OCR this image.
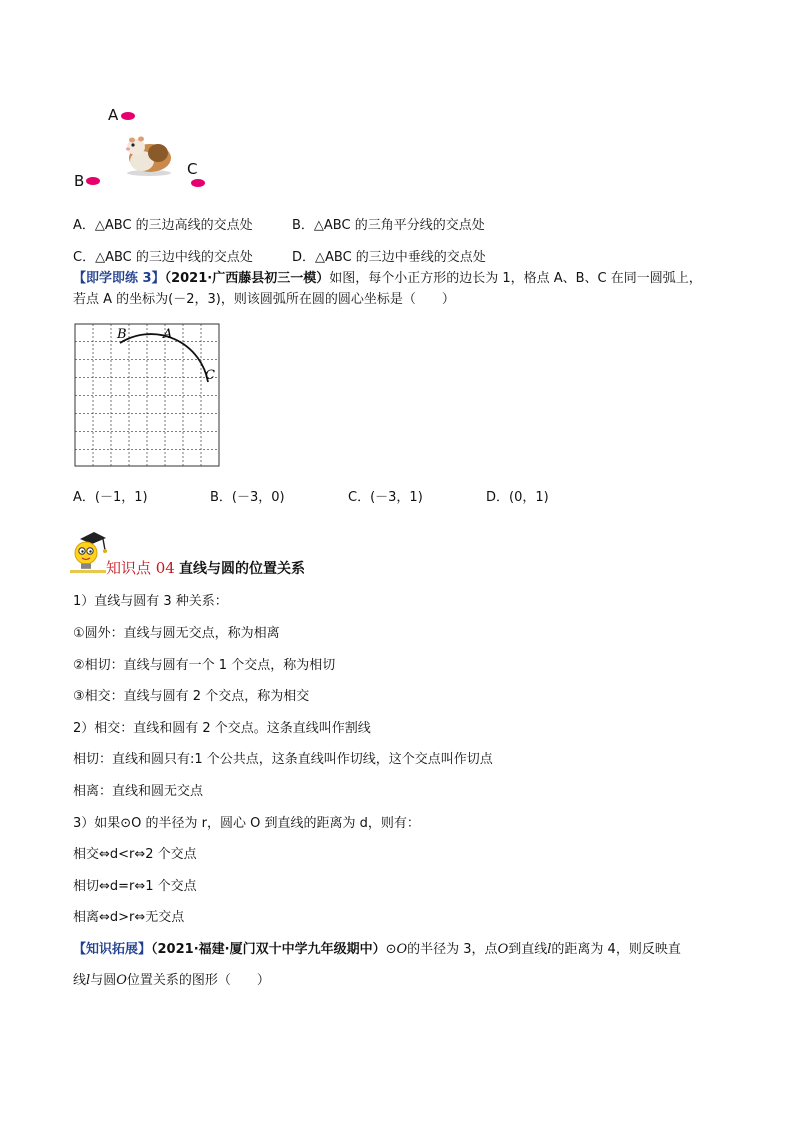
A
B
C
A．△ABC 的三边高线的交点处	B．△ABC 的三角平分线的交点处
C．△ABC 的三边中线的交点处	D．△ABC 的三边中垂线的交点处
【即学即练 3】（2021·广西藤县初三一模）如图，每个小正方形的边长为 1，格点 A、B、C 在同一圆弧上，
若点 A 的坐标为(－2，3)，则该圆弧所在圆的圆心坐标是（　　）
B	A
C
A．(－1，1)	B．(－3，0)	C．(－3，1)	D．(0，1)
知识点 04 直线与圆的位置关系
1）直线与圆有 3 种关系：
①圆外：直线与圆无交点，称为相离
②相切：直线与圆有一个 1 个交点，称为相切
③相交：直线与圆有 2 个交点，称为相交
2）相交：直线和圆有 2 个交点。这条直线叫作割线
相切：直线和圆只有:1 个公共点，这条直线叫作切线，这个交点叫作切点
相离：直线和圆无交点
3）如果⊙O 的半径为 r，圆心 O 到直线的距离为 d，则有：
相交⇔d<r⇔2 个交点
相切⇔d=r⇔1 个交点
相离⇔d>r⇔无交点
【知识拓展】（2021·福建·厦门双十中学九年级期中）⊙O的半径为 3，点O到直线l的距离为 4，则反映直
线l与圆O位置关系的图形（　　）
